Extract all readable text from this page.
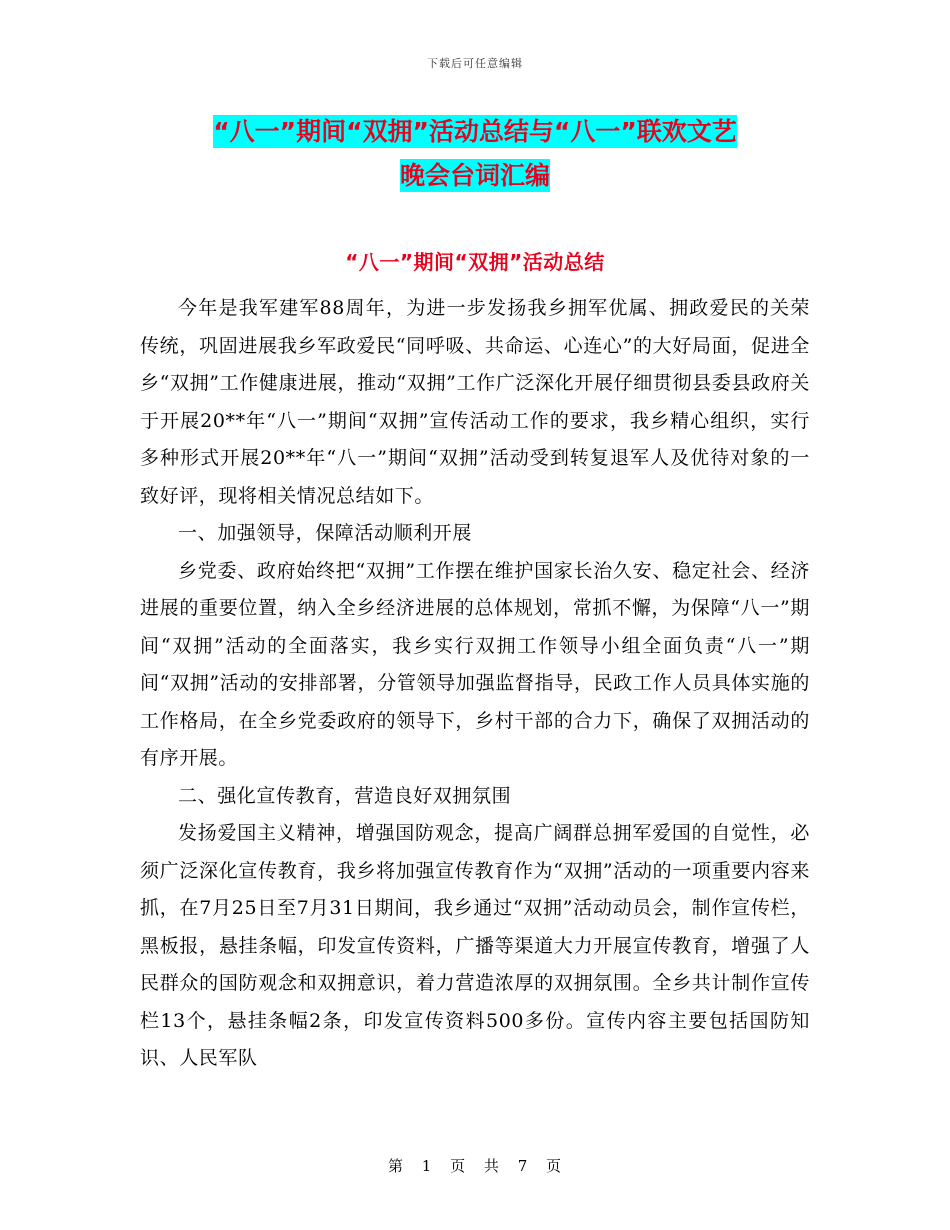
下载后可任意编辑
“八一”期间“双拥”活动总结与“八一”联欢文艺
晚会台词汇编
“八一”期间“双拥”活动总结

今年是我军建军88周年，为进一步发扬我乡拥军优属、拥政爱民的关荣传统，巩固进展我乡军政爱民“同呼吸、共命运、心连心”的大好局面，促进全乡“双拥”工作健康进展，推动“双拥”工作广泛深化开展仔细贯彻县委县政府关于开展20**年“八一”期间“双拥”宣传活动工作的要求，我乡精心组织，实行多种形式开展20**年“八一”期间“双拥”活动受到转复退军人及优待对象的一致好评，现将相关情况总结如下。

一、加强领导，保障活动顺利开展

乡党委、政府始终把“双拥”工作摆在维护国家长治久安、稳定社会、经济进展的重要位置，纳入全乡经济进展的总体规划，常抓不懈，为保障“八一”期间“双拥”活动的全面落实，我乡实行双拥工作领导小组全面负责“八一”期间“双拥”活动的安排部署，分管领导加强监督指导，民政工作人员具体实施的工作格局，在全乡党委政府的领导下，乡村干部的合力下，确保了双拥活动的有序开展。

二、强化宣传教育，营造良好双拥氛围

发扬爱国主义精神，增强国防观念，提高广阔群总拥军爱国的自觉性，必须广泛深化宣传教育，我乡将加强宣传教育作为“双拥”活动的一项重要内容来抓，在7月25日至7月31日期间，我乡通过“双拥”活动动员会，制作宣传栏，黑板报，悬挂条幅，印发宣传资料，广播等渠道大力开展宣传教育，增强了人民群众的国防观念和双拥意识，着力营造浓厚的双拥氛围。全乡共计制作宣传栏13个，悬挂条幅2条，印发宣传资料500多份。宣传内容主要包括国防知识、人民军队

第 1 页 共 7 页
